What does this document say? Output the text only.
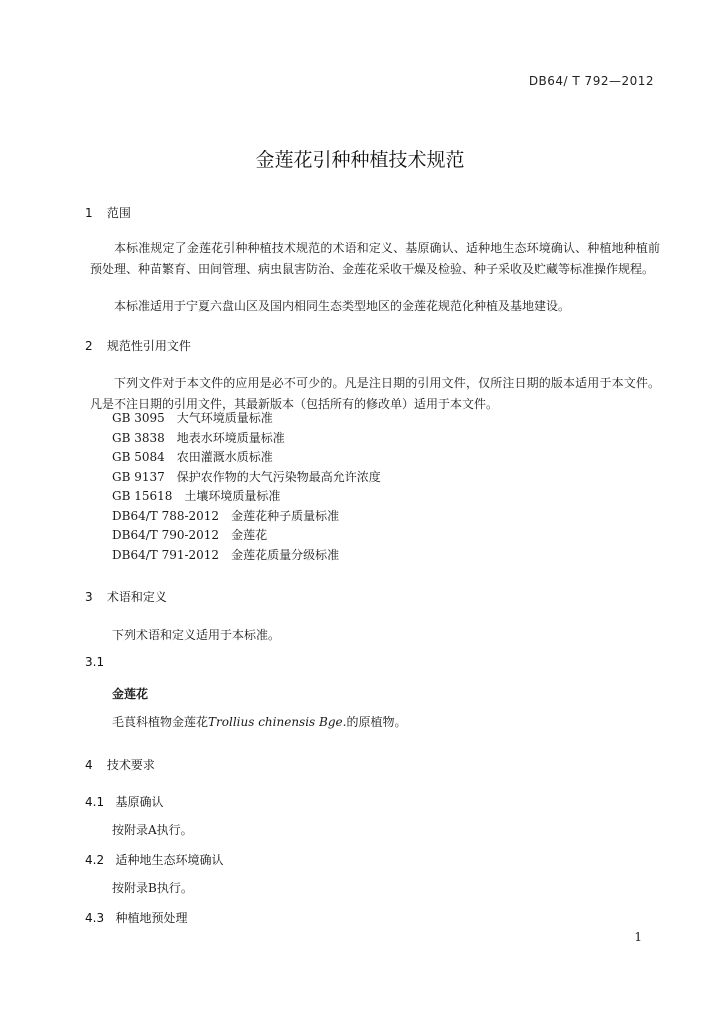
DB64/ T 792—2012
金莲花引种种植技术规范
1 范围

本标准规定了金莲花引种种植技术规范的术语和定义、基原确认、适种地生态环境确认、种植地种植前预处理、种苗繁育、田间管理、病虫鼠害防治、金莲花采收干燥及检验、种子采收及贮藏等标准操作规程。

本标准适用于宁夏六盘山区及国内相同生态类型地区的金莲花规范化种植及基地建设。

2 规范性引用文件

下列文件对于本文件的应用是必不可少的。凡是注日期的引用文件，仅所注日期的版本适用于本文件。凡是不注日期的引用文件，其最新版本（包括所有的修改单）适用于本文件。

GB 3095 大气环境质量标准
GB 3838 地表水环境质量标准
GB 5084 农田灌溉水质标准
GB 9137 保护农作物的大气污染物最高允许浓度
GB 15618 土壤环境质量标准
DB64/T 788-2012 金莲花种子质量标准
DB64/T 790-2012 金莲花
DB64/T 791-2012 金莲花质量分级标准
3 术语和定义
下列术语和定义适用于本标准。
3.1
金莲花
毛茛科植物金莲花Trollius chinensis Bge.的原植物。
4 技术要求
4.1 基原确认
按附录A执行。
4.2 适种地生态环境确认
按附录B执行。
4.3 种植地预处理
1
